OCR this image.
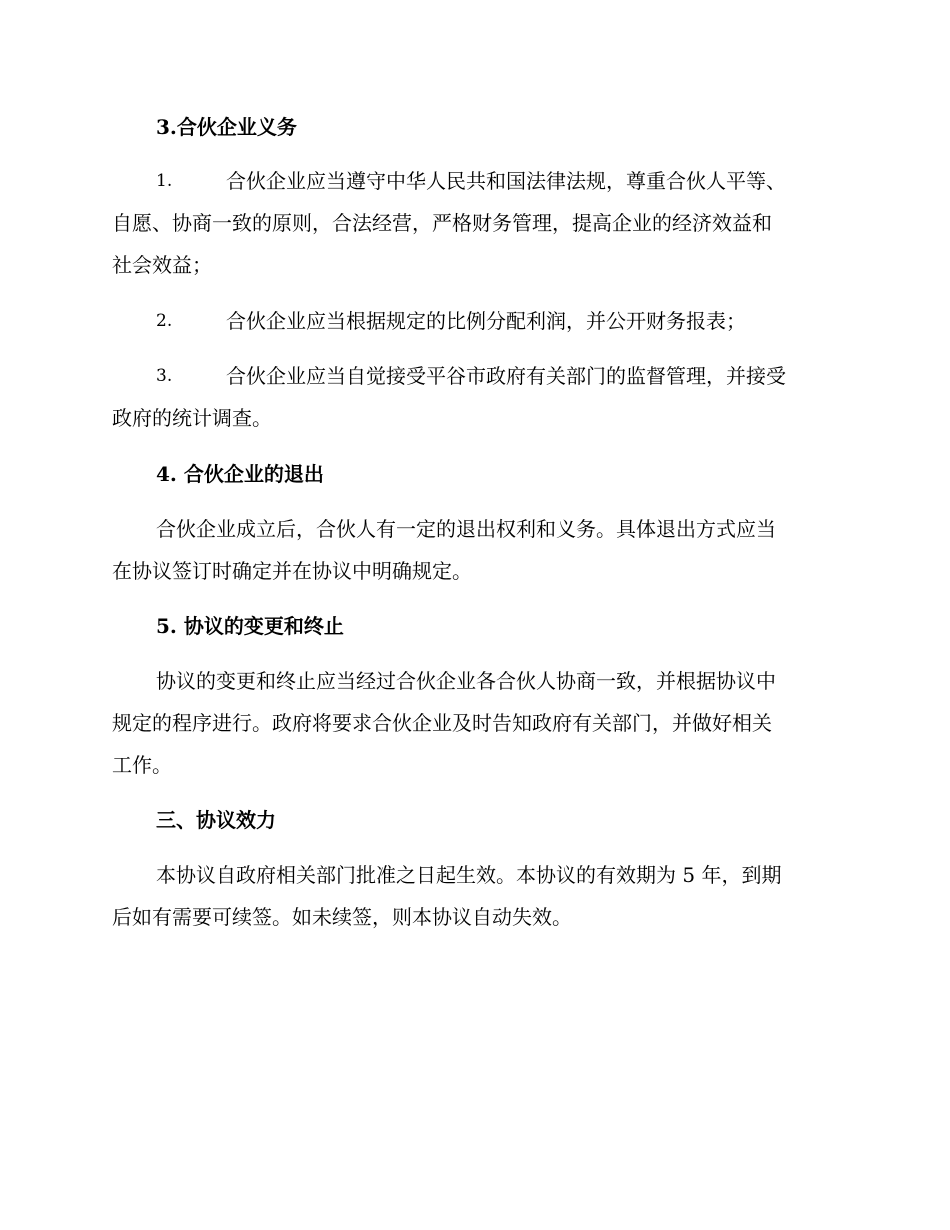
3.合伙企业义务
1.	合伙企业应当遵守中华人民共和国法律法规，尊重合伙人平等、
自愿、协商一致的原则，合法经营，严格财务管理，提高企业的经济效益和
社会效益；
2.	合伙企业应当根据规定的比例分配利润，并公开财务报表；
3.	合伙企业应当自觉接受平谷市政府有关部门的监督管理，并接受
政府的统计调查。
4. 合伙企业的退出
合伙企业成立后，合伙人有一定的退出权利和义务。具体退出方式应当
在协议签订时确定并在协议中明确规定。
5. 协议的变更和终止
协议的变更和终止应当经过合伙企业各合伙人协商一致，并根据协议中
规定的程序进行。政府将要求合伙企业及时告知政府有关部门，并做好相关
工作。
三、协议效力
本协议自政府相关部门批准之日起生效。本协议的有效期为 5 年，到期
后如有需要可续签。如未续签，则本协议自动失效。
